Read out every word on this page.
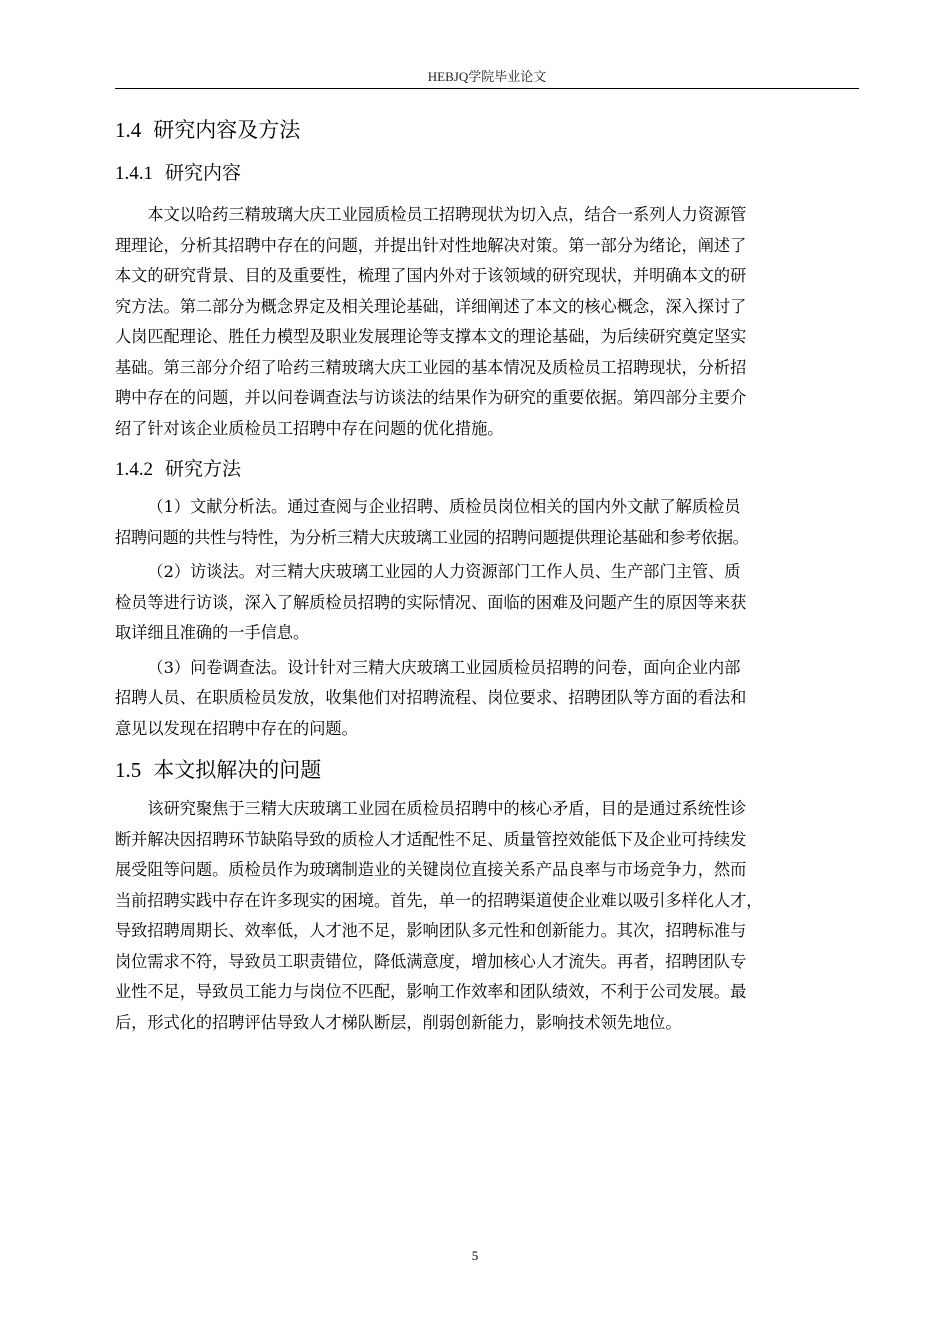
HEBJQ学院毕业论文
1.4 研究内容及方法
1.4.1 研究内容
本文以哈药三精玻璃大庆工业园质检员工招聘现状为切入点，结合一系列人力资源管
理理论，分析其招聘中存在的问题，并提出针对性地解决对策。第一部分为绪论，阐述了
本文的研究背景、目的及重要性，梳理了国内外对于该领域的研究现状，并明确本文的研
究方法。第二部分为概念界定及相关理论基础，详细阐述了本文的核心概念，深入探讨了
人岗匹配理论、胜任力模型及职业发展理论等支撑本文的理论基础，为后续研究奠定坚实
基础。第三部分介绍了哈药三精玻璃大庆工业园的基本情况及质检员工招聘现状，分析招
聘中存在的问题，并以问卷调查法与访谈法的结果作为研究的重要依据。第四部分主要介
绍了针对该企业质检员工招聘中存在问题的优化措施。
1.4.2 研究方法
（1）文献分析法。通过查阅与企业招聘、质检员岗位相关的国内外文献了解质检员
招聘问题的共性与特性，为分析三精大庆玻璃工业园的招聘问题提供理论基础和参考依据。
（2）访谈法。对三精大庆玻璃工业园的人力资源部门工作人员、生产部门主管、质
检员等进行访谈，深入了解质检员招聘的实际情况、面临的困难及问题产生的原因等来获
取详细且准确的一手信息。
（3）问卷调查法。设计针对三精大庆玻璃工业园质检员招聘的问卷，面向企业内部
招聘人员、在职质检员发放，收集他们对招聘流程、岗位要求、招聘团队等方面的看法和
意见以发现在招聘中存在的问题。
1.5 本文拟解决的问题
该研究聚焦于三精大庆玻璃工业园在质检员招聘中的核心矛盾，目的是通过系统性诊
断并解决因招聘环节缺陷导致的质检人才适配性不足、质量管控效能低下及企业可持续发
展受阻等问题。质检员作为玻璃制造业的关键岗位直接关系产品良率与市场竞争力，然而
当前招聘实践中存在许多现实的困境。首先，单一的招聘渠道使企业难以吸引多样化人才，
导致招聘周期长、效率低，人才池不足，影响团队多元性和创新能力。其次，招聘标准与
岗位需求不符，导致员工职责错位，降低满意度，增加核心人才流失。再者，招聘团队专
业性不足，导致员工能力与岗位不匹配，影响工作效率和团队绩效，不利于公司发展。最
后，形式化的招聘评估导致人才梯队断层，削弱创新能力，影响技术领先地位。
5
